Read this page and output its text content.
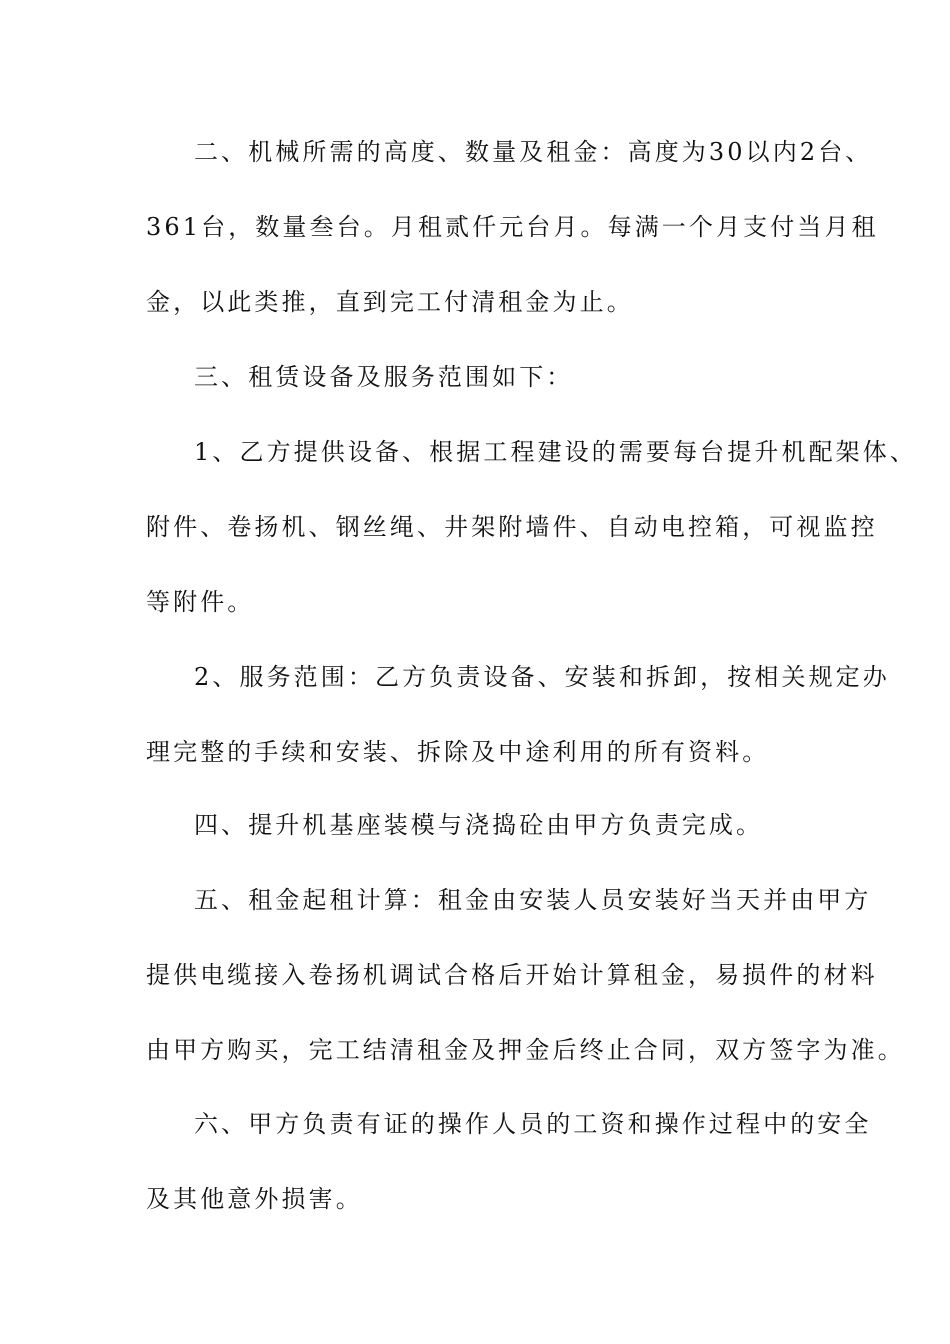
二、机械所需的高度、数量及租金：高度为30以内2台、
361台，数量叁台。月租贰仟元台月。每满一个月支付当月租
金，以此类推，直到完工付清租金为止。
三、租赁设备及服务范围如下：
1、乙方提供设备、根据工程建设的需要每台提升机配架体、
附件、卷扬机、钢丝绳、井架附墙件、自动电控箱，可视监控
等附件。
2、服务范围：乙方负责设备、安装和拆卸，按相关规定办
理完整的手续和安装、拆除及中途利用的所有资料。
四、提升机基座装模与浇捣砼由甲方负责完成。
五、租金起租计算：租金由安装人员安装好当天并由甲方
提供电缆接入卷扬机调试合格后开始计算租金，易损件的材料
由甲方购买，完工结清租金及押金后终止合同，双方签字为准。
六、甲方负责有证的操作人员的工资和操作过程中的安全
及其他意外损害。
